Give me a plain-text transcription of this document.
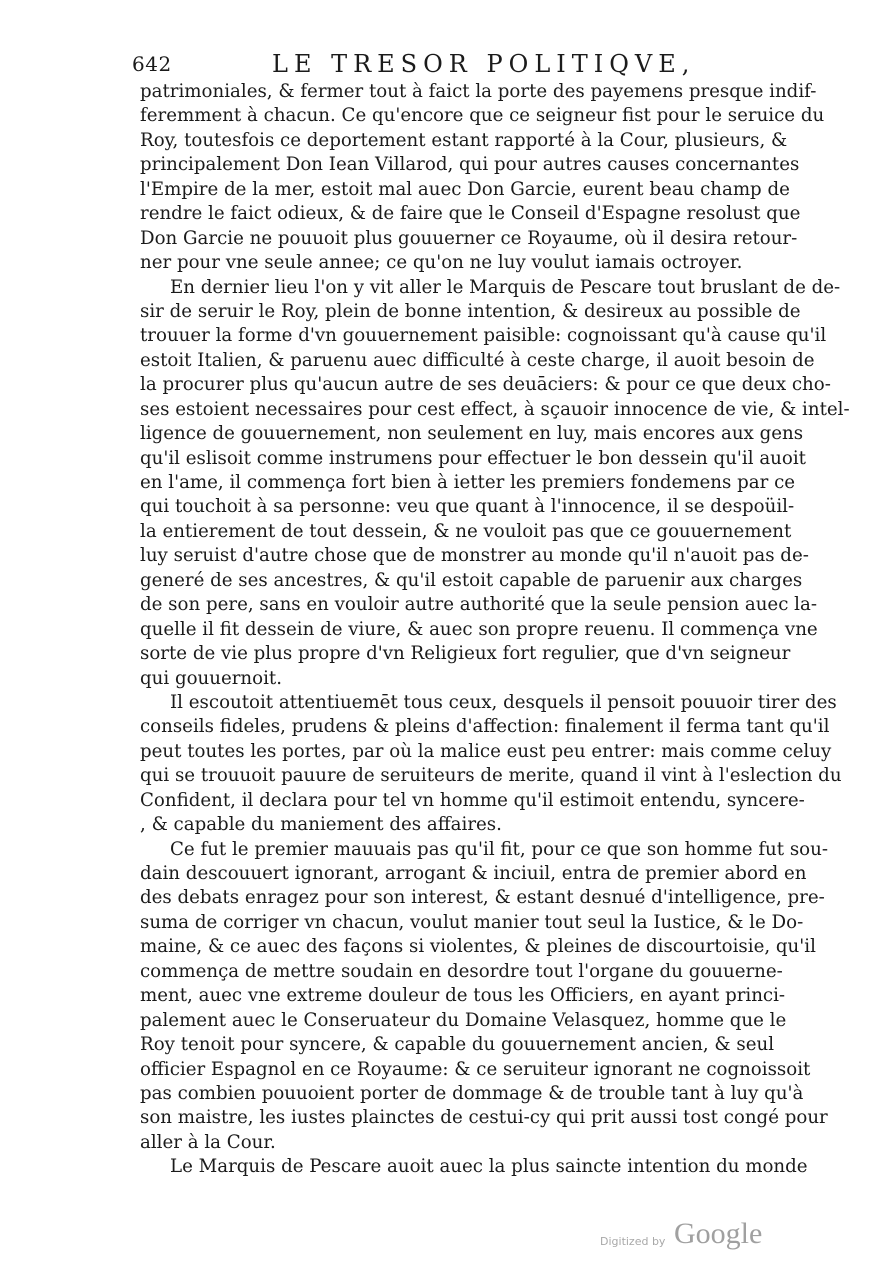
642	LE TRESOR POLITIQVE,
patrimoniales, & fermer tout à faict la porte des payemens presque indif-
feremment à chacun. Ce qu'encore que ce seigneur fist pour le seruice du
Roy, toutesfois ce deportement estant rapporté à la Cour, plusieurs, &
principalement Don Iean Villarod, qui pour autres causes concernantes
l'Empire de la mer, estoit mal auec Don Garcie, eurent beau champ de
rendre le faict odieux, & de faire que le Conseil d'Espagne resolust que
Don Garcie ne pouuoit plus gouuerner ce Royaume, où il desira retour-
ner pour vne seule annee; ce qu'on ne luy voulut iamais octroyer.
En dernier lieu l'on y vit aller le Marquis de Pescare tout bruslant de de-
sir de seruir le Roy, plein de bonne intention, & desireux au possible de
trouuer la forme d'vn gouuernement paisible: cognoissant qu'à cause qu'il
estoit Italien, & paruenu auec difficulté à ceste charge, il auoit besoin de
la procurer plus qu'aucun autre de ses deuāciers: & pour ce que deux cho-
ses estoient necessaires pour cest effect, à sçauoir innocence de vie, & intel-
ligence de gouuernement, non seulement en luy, mais encores aux gens
qu'il eslisoit comme instrumens pour effectuer le bon dessein qu'il auoit
en l'ame, il commença fort bien à ietter les premiers fondemens par ce
qui touchoit à sa personne: veu que quant à l'innocence, il se despoüil-
la entierement de tout dessein, & ne vouloit pas que ce gouuernement
luy seruist d'autre chose que de monstrer au monde qu'il n'auoit pas de-
generé de ses ancestres, & qu'il estoit capable de paruenir aux charges
de son pere, sans en vouloir autre authorité que la seule pension auec la-
quelle il fit dessein de viure, & auec son propre reuenu. Il commença vne
sorte de vie plus propre d'vn Religieux fort regulier, que d'vn seigneur
qui gouuernoit.
Il escoutoit attentiuemēt tous ceux, desquels il pensoit pouuoir tirer des
conseils fideles, prudens & pleins d'affection: finalement il ferma tant qu'il
peut toutes les portes, par où la malice eust peu entrer: mais comme celuy
qui se trouuoit pauure de seruiteurs de merite, quand il vint à l'eslection du
Confident, il declara pour tel vn homme qu'il estimoit entendu, syncere-
, & capable du maniement des affaires.
Ce fut le premier mauuais pas qu'il fit, pour ce que son homme fut sou-
dain descouuert ignorant, arrogant & inciuil, entra de premier abord en
des debats enragez pour son interest, & estant desnué d'intelligence, pre-
suma de corriger vn chacun, voulut manier tout seul la Iustice, & le Do-
maine, & ce auec des façons si violentes, & pleines de discourtoisie, qu'il
commença de mettre soudain en desordre tout l'organe du gouuerne-
ment, auec vne extreme douleur de tous les Officiers, en ayant princi-
palement auec le Conseruateur du Domaine Velasquez, homme que le
Roy tenoit pour syncere, & capable du gouuernement ancien, & seul
officier Espagnol en ce Royaume: & ce seruiteur ignorant ne cognoissoit
pas combien pouuoient porter de dommage & de trouble tant à luy qu'à
son maistre, les iustes plainctes de cestui-cy qui prit aussi tost congé pour
aller à la Cour.
Le Marquis de Pescare auoit auec la plus saincte intention du monde
Digitized by Google
